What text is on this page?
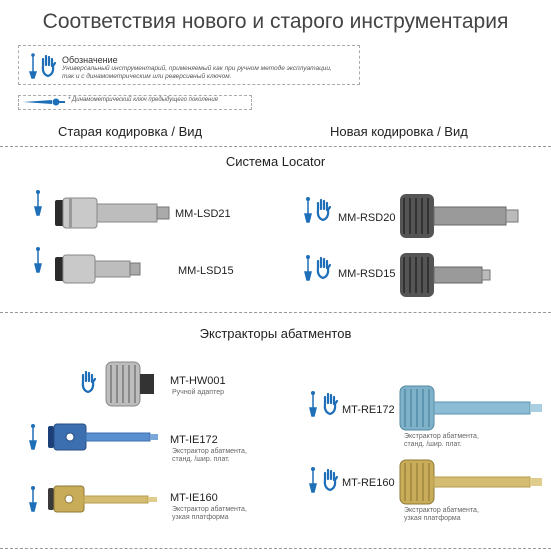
Соответствия нового и старого инструментария
Обозначение
Универсальный инструментарий, применяемый как при ручном методе эксплуатации,
так и с динамометрическим или реверсивный ключом.
* Динамометрический ключ предыдущего поколения
Старая кодировка / Вид	Новая кодировка / Вид
Система Locator
MM-LSD21
MM-LSD15
MM-RSD20
MM-RSD15
Экстракторы абатментов
MT-HW001
Ручной адаптер
MT-IE172
Экстрактор абатмента,
станд. /шир. плат.
MT-IE160
Экстрактор абатмента,
узкая платформа
MT-RE172
Экстрактор абатмента,
станд. /шир. плат.
MT-RE160
Экстрактор абатмента,
узкая платформа
